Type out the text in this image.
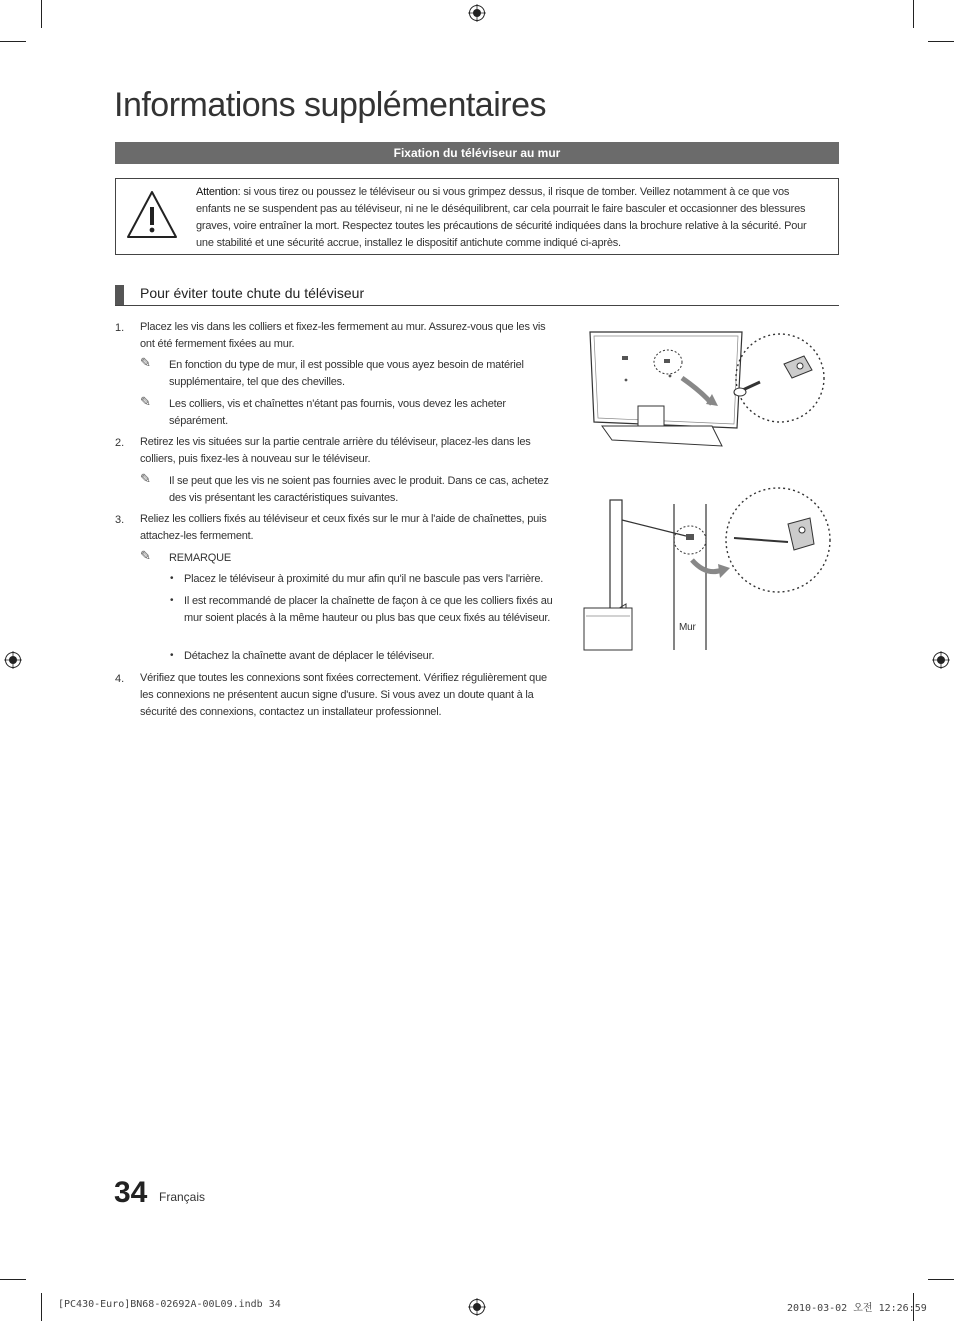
Informations supplémentaires
Fixation du téléviseur au mur
Attention: si vous tirez ou poussez le téléviseur ou si vous grimpez dessus, il risque de tomber. Veillez notamment à ce que vos enfants ne se suspendent pas au téléviseur, ni ne le déséquilibrent, car cela pourrait le faire basculer et occasionner des blessures graves, voire entraîner la mort. Respectez toutes les précautions de sécurité indiquées dans la brochure relative à la sécurité. Pour une stabilité et une sécurité accrue, installez le dispositif antichute comme indiqué ci-après.
Pour éviter toute chute du téléviseur
1. Placez les vis dans les colliers et fixez-les fermement au mur. Assurez-vous que les vis ont été fermement fixées au mur.
✎ En fonction du type de mur, il est possible que vous ayez besoin de matériel supplémentaire, tel que des chevilles.
✎ Les colliers, vis et chaînettes n'étant pas fournis, vous devez les acheter séparément.
2. Retirez les vis situées sur la partie centrale arrière du téléviseur, placez-les dans les colliers, puis fixez-les à nouveau sur le téléviseur.
✎ Il se peut que les vis ne soient pas fournies avec le produit. Dans ce cas, achetez des vis présentant les caractéristiques suivantes.
3. Reliez les colliers fixés au téléviseur et ceux fixés sur le mur à l'aide de chaînettes, puis attachez-les fermement.
✎ REMARQUE
• Placez le téléviseur à proximité du mur afin qu'il ne bascule pas vers l'arrière.
• Il est recommandé de placer la chaînette de façon à ce que les colliers fixés au mur soient placés à la même hauteur ou plus bas que ceux fixés au téléviseur.
• Détachez la chaînette avant de déplacer le téléviseur.
4. Vérifiez que toutes les connexions sont fixées correctement. Vérifiez régulièrement que les connexions ne présentent aucun signe d'usure. Si vous avez un doute quant à la sécurité des connexions, contactez un installateur professionnel.
Mur
34 Français
[PC430-Euro]BN68-02692A-00L09.indb 34	2010-03-02 오전 12:26:59
